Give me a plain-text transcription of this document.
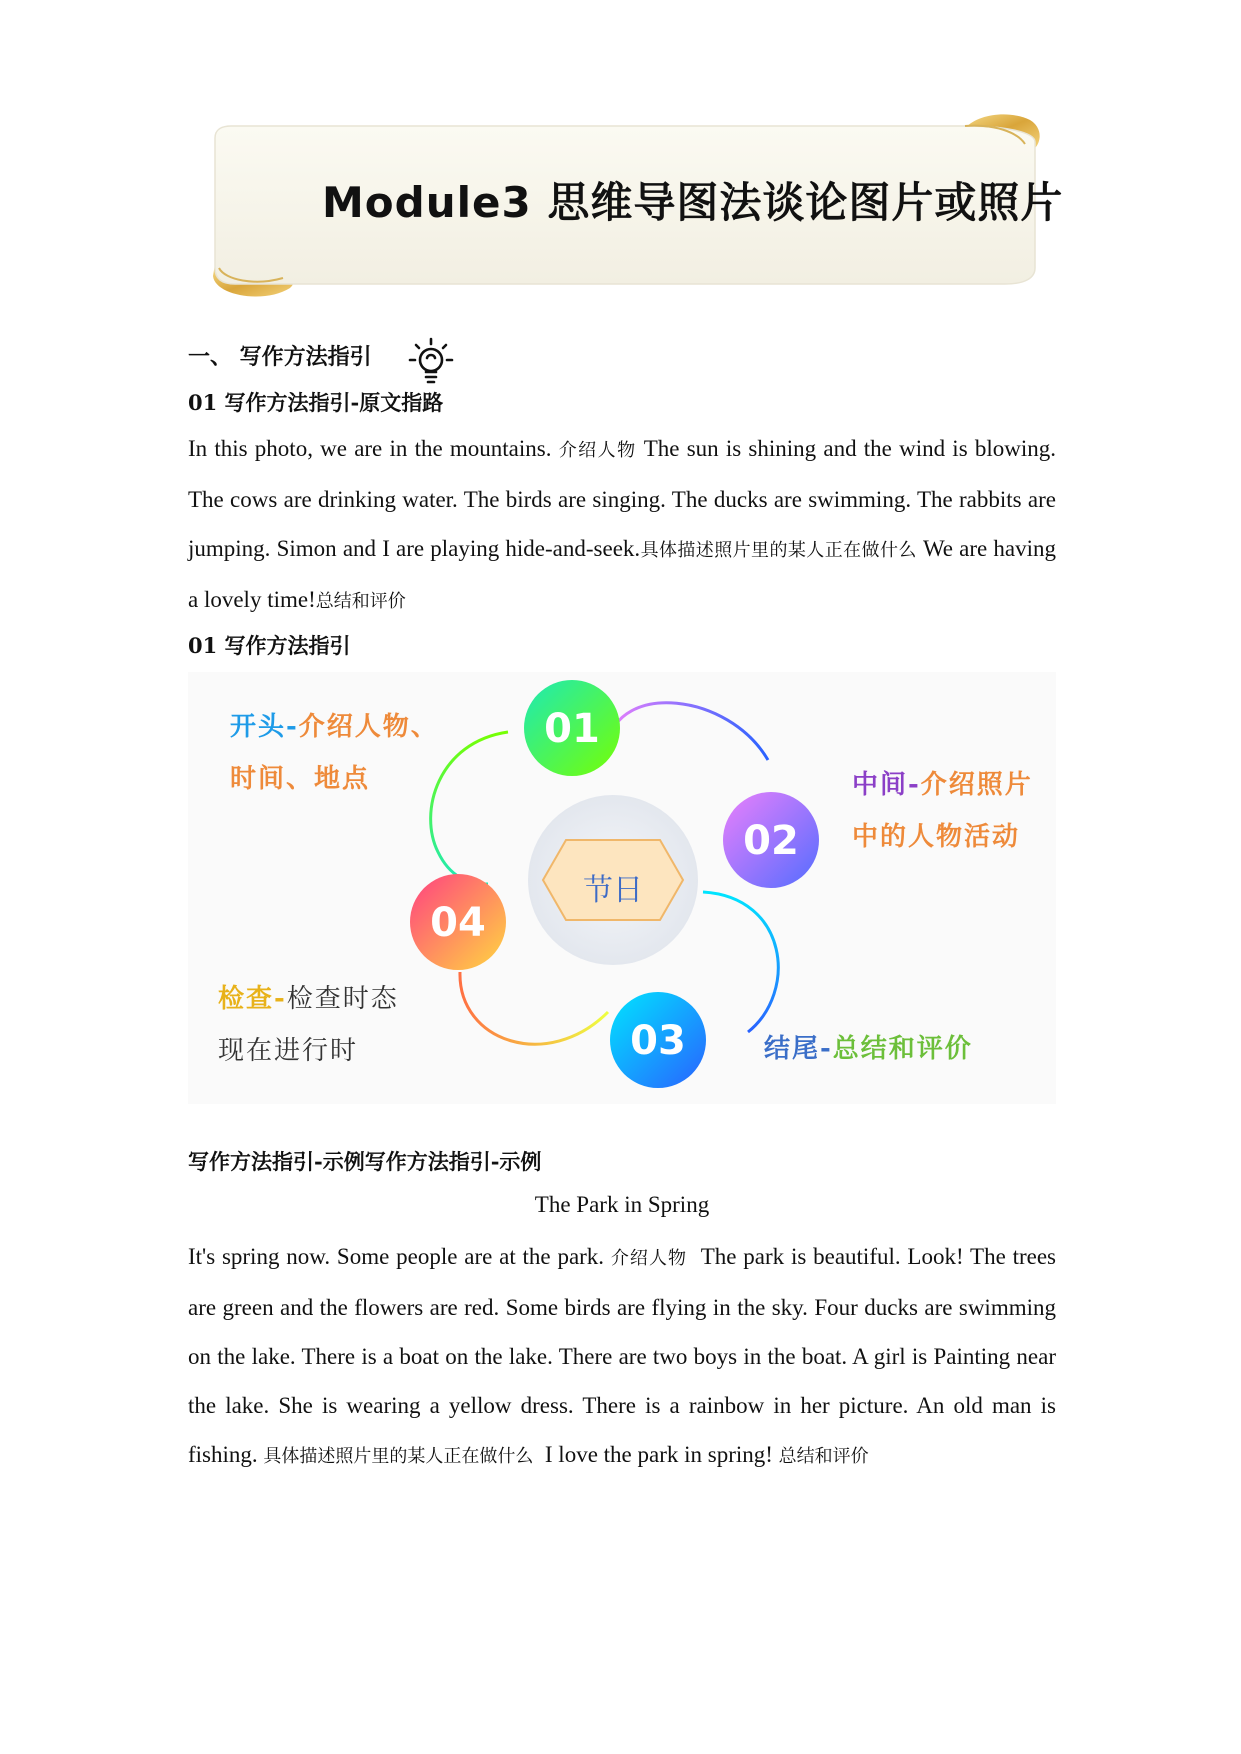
Module3 思维导图法谈论图片或照片
一、 写作方法指引
01 写作方法指引-原文指路

In this photo, we are in the mountains. 介绍人物 The sun is shining and the wind is blowing. The cows are drinking water. The birds are singing. The ducks are swimming. The rabbits are jumping. Simon and I are playing hide-and-seek.具体描述照片里的某人正在做什么 We are having a lovely time!总结和评价

01 写作方法指引
节日
01
02
03
04
开头-介绍人物、
时间、地点	中间-介绍照片
中的人物活动
结尾-总结和评价
检查-检查时态
现在进行时
写作方法指引-示例写作方法指引-示例
The Park in Spring

It's spring now. Some people are at the park. 介绍人物 The park is beautiful. Look! The trees are green and the flowers are red. Some birds are flying in the sky. Four ducks are swimming on the lake. There is a boat on the lake. There are two boys in the boat. A girl is Painting near the lake. She is wearing a yellow dress. There is a rainbow in her picture. An old man is fishing. 具体描述照片里的某人正在做什么 I love the park in spring! 总结和评价
